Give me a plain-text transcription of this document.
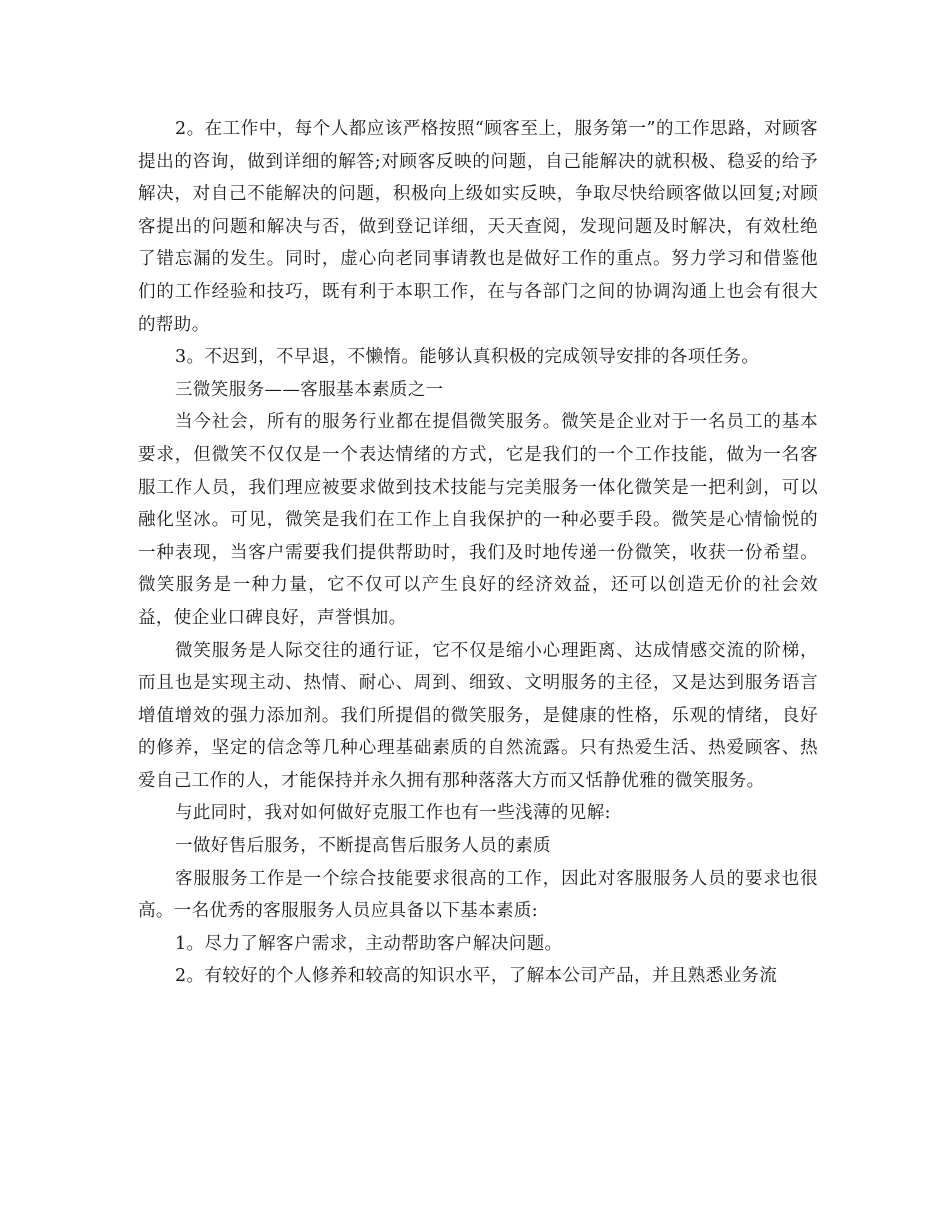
2。在工作中，每个人都应该严格按照“顾客至上，服务第一”的工作思路，对顾客提出的咨询，做到详细的解答;对顾客反映的问题，自己能解决的就积极、稳妥的给予解决，对自己不能解决的问题，积极向上级如实反映，争取尽快给顾客做以回复;对顾客提出的问题和解决与否，做到登记详细，天天查阅，发现问题及时解决，有效杜绝了错忘漏的发生。同时，虚心向老同事请教也是做好工作的重点。努力学习和借鉴他们的工作经验和技巧，既有利于本职工作，在与各部门之间的协调沟通上也会有很大的帮助。

3。不迟到，不早退，不懒惰。能够认真积极的完成领导安排的各项任务。

三微笑服务——客服基本素质之一

当今社会，所有的服务行业都在提倡微笑服务。微笑是企业对于一名员工的基本要求，但微笑不仅仅是一个表达情绪的方式，它是我们的一个工作技能，做为一名客服工作人员，我们理应被要求做到技术技能与完美服务一体化微笑是一把利剑，可以融化坚冰。可见，微笑是我们在工作上自我保护的一种必要手段。微笑是心情愉悦的一种表现，当客户需要我们提供帮助时，我们及时地传递一份微笑，收获一份希望。微笑服务是一种力量，它不仅可以产生良好的经济效益，还可以创造无价的社会效益，使企业口碑良好，声誉惧加。

微笑服务是人际交往的通行证，它不仅是缩小心理距离、达成情感交流的阶梯，而且也是实现主动、热情、耐心、周到、细致、文明服务的主径，又是达到服务语言增值增效的强力添加剂。我们所提倡的微笑服务，是健康的性格，乐观的情绪，良好的修养，坚定的信念等几种心理基础素质的自然流露。只有热爱生活、热爱顾客、热爱自己工作的人，才能保持并永久拥有那种落落大方而又恬静优雅的微笑服务。

与此同时，我对如何做好克服工作也有一些浅薄的见解:

一做好售后服务，不断提高售后服务人员的素质

客服服务工作是一个综合技能要求很高的工作，因此对客服服务人员的要求也很高。一名优秀的客服服务人员应具备以下基本素质:

1。尽力了解客户需求，主动帮助客户解决问题。

2。有较好的个人修养和较高的知识水平，了解本公司产品，并且熟悉业务流
